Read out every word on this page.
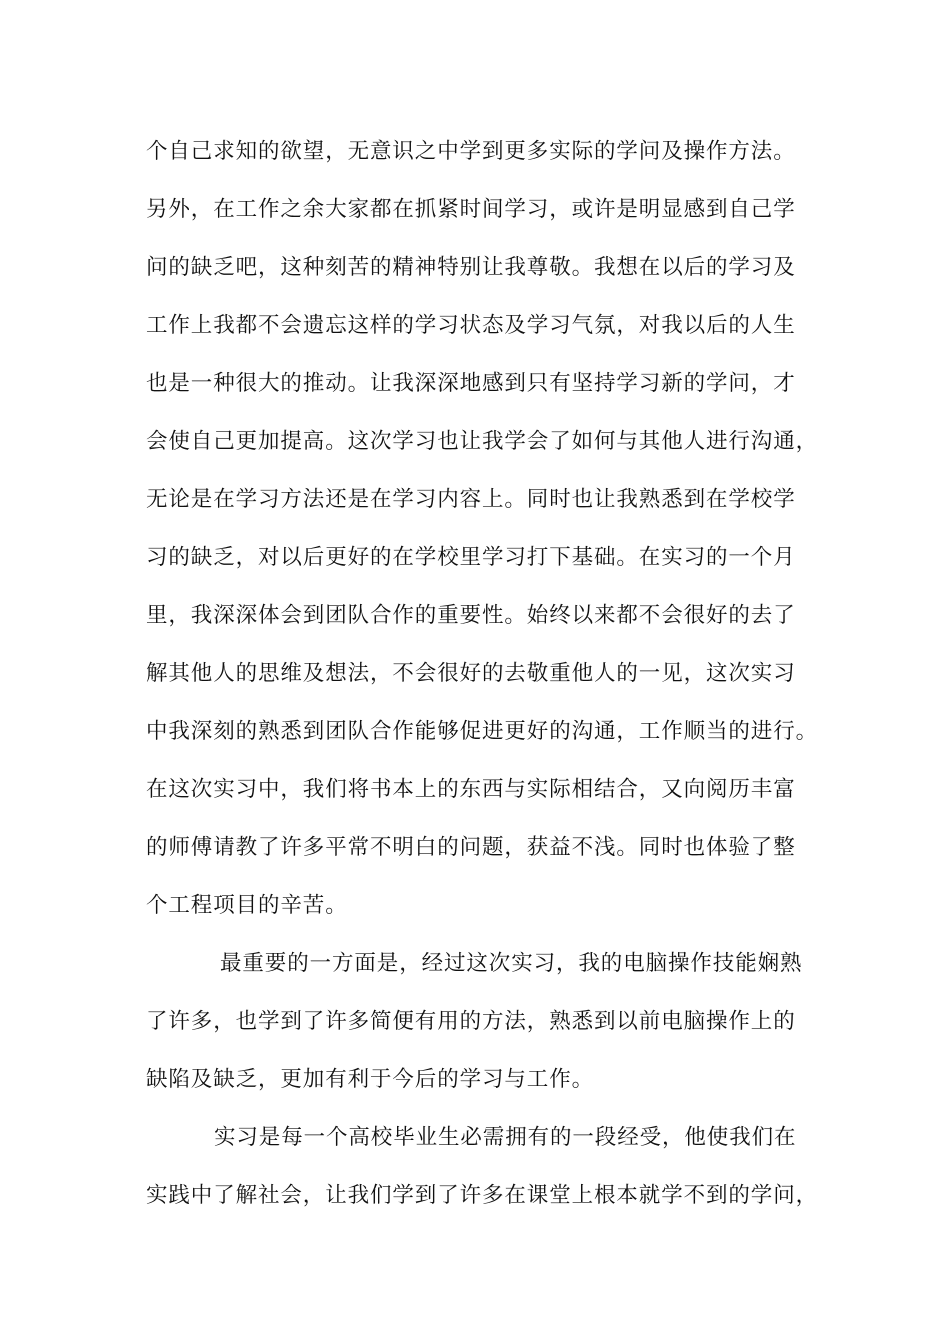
个自己求知的欲望，无意识之中学到更多实际的学问及操作方法。
另外，在工作之余大家都在抓紧时间学习，或许是明显感到自己学
问的缺乏吧，这种刻苦的精神特别让我尊敬。我想在以后的学习及
工作上我都不会遗忘这样的学习状态及学习气氛，对我以后的人生
也是一种很大的推动。让我深深地感到只有坚持学习新的学问，才
会使自己更加提高。这次学习也让我学会了如何与其他人进行沟通，
无论是在学习方法还是在学习内容上。同时也让我熟悉到在学校学
习的缺乏，对以后更好的在学校里学习打下基础。在实习的一个月
里，我深深体会到团队合作的重要性。始终以来都不会很好的去了
解其他人的思维及想法，不会很好的去敬重他人的一见，这次实习
中我深刻的熟悉到团队合作能够促进更好的沟通，工作顺当的进行。
在这次实习中，我们将书本上的东西与实际相结合，又向阅历丰富
的师傅请教了许多平常不明白的问题，获益不浅。同时也体验了整
个工程项目的辛苦。
最重要的一方面是，经过这次实习，我的电脑操作技能娴熟
了许多，也学到了许多简便有用的方法，熟悉到以前电脑操作上的
缺陷及缺乏，更加有利于今后的学习与工作。
实习是每一个高校毕业生必需拥有的一段经受，他使我们在
实践中了解社会，让我们学到了许多在课堂上根本就学不到的学问，
